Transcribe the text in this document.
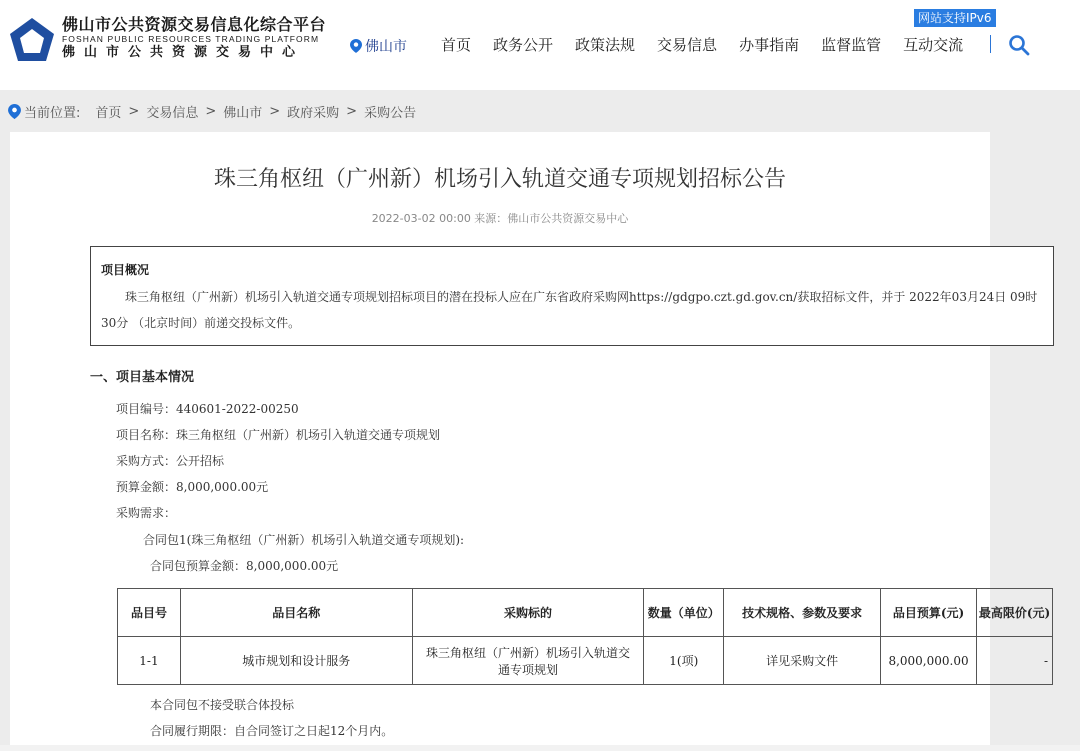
佛山市公共资源交易信息化综合平台
FOSHAN PUBLIC RESOURCES TRADING PLATFORM
佛山市公共资源交易中心	佛山市 首页 政务公开 政策法规 交易信息 办事指南 监督监管 互动交流
网站支持IPv6
当前位置: 首页 > 交易信息 > 佛山市 > 政府采购 > 采购公告
珠三角枢纽（广州新）机场引入轨道交通专项规划招标公告
2022-03-02 00:00 来源：佛山市公共资源交易中心
项目概况
珠三角枢纽（广州新）机场引入轨道交通专项规划招标项目的潜在投标人应在广东省政府采购网https://gdgpo.czt.gd.gov.cn/获取招标文件，并于 2022年03月24日 09时30分 （北京时间）前递交投标文件。
一、项目基本情况
项目编号：440601-2022-00250
项目名称：珠三角枢纽（广州新）机场引入轨道交通专项规划
采购方式：公开招标
预算金额：8,000,000.00元
采购需求：
合同包1(珠三角枢纽（广州新）机场引入轨道交通专项规划):
合同包预算金额：8,000,000.00元
品目号	品目名称	采购标的	数量（单位）	技术规格、参数及要求	品目预算(元)	最高限价(元)
1-1	城市规划和设计服务	珠三角枢纽（广州新）机场引入轨道交通专项规划	1(项)	详见采购文件	8,000,000.00	-
本合同包不接受联合体投标
合同履行期限：自合同签订之日起12个月内。
